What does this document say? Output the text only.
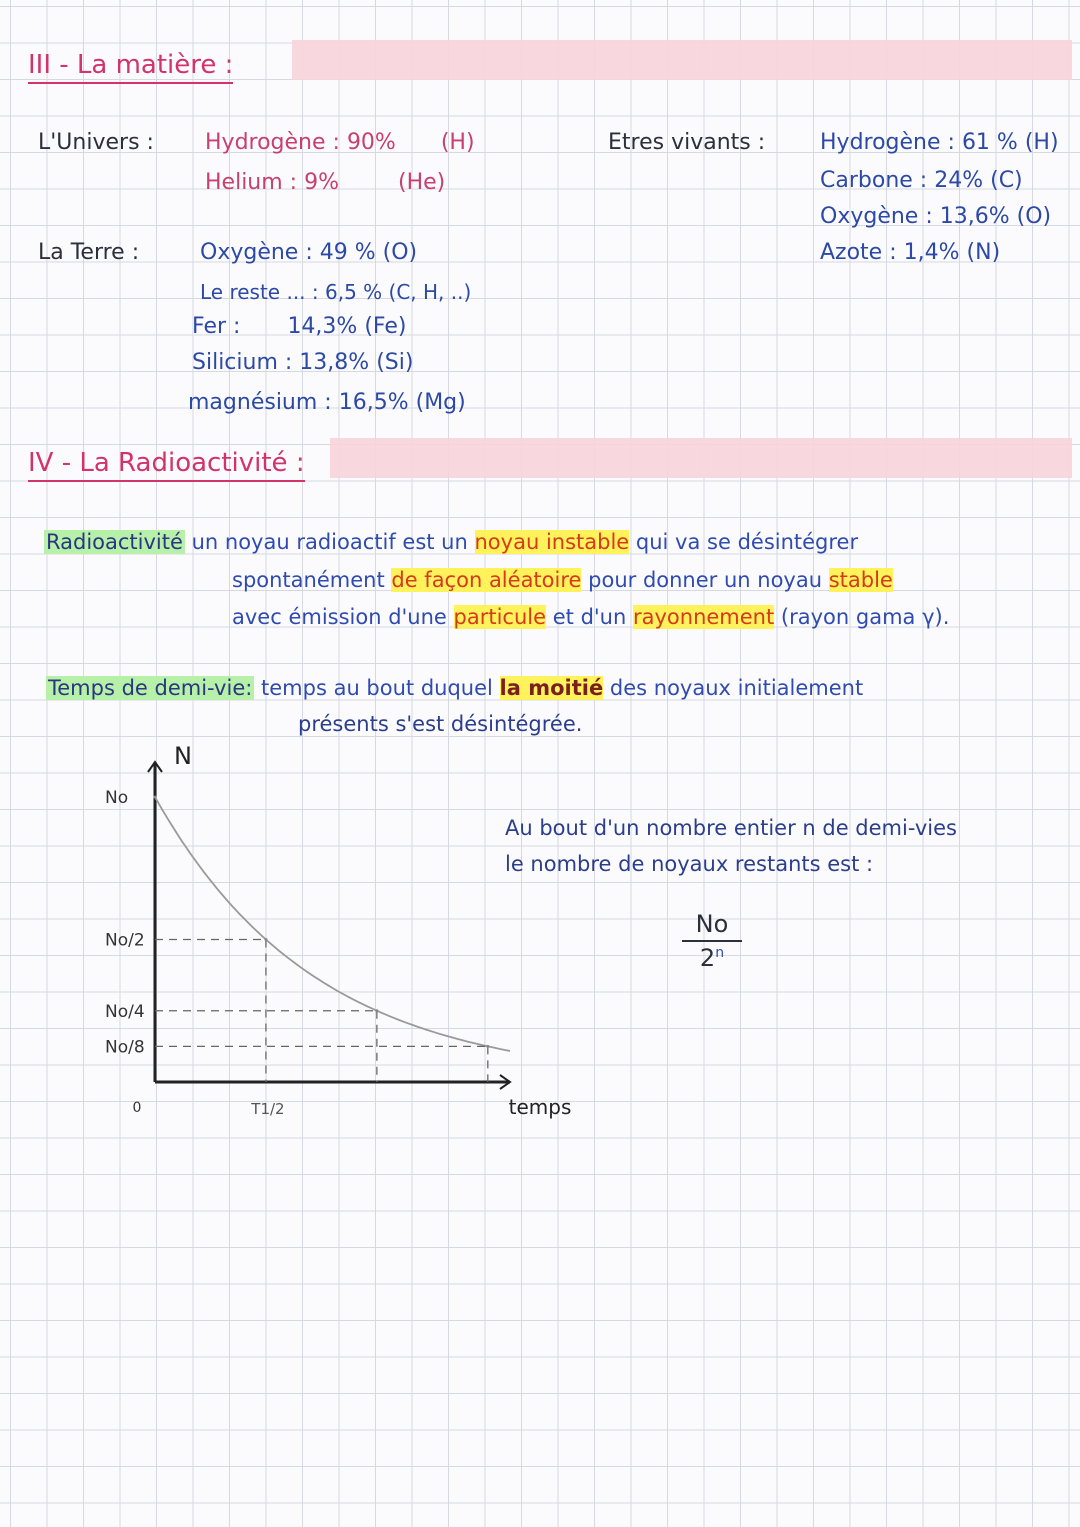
III - La matière :
L'Univers : Hydrogène : 90% (H)
Helium : 9%	(He)
Etres vivants : Hydrogène : 61 % (H)
Carbone : 24% (C)
Oxygène : 13,6% (O)
Azote : 1,4% (N)
La Terre :	Oxygène : 49 % (O)
Le reste ... : 6,5 % (C, H, ..)
Fer : 14,3% (Fe)
Silicium : 13,8% (Si)
magnésium : 16,5% (Mg)
IV - La Radioactivité :
Radioactivité un noyau radioactif est un noyau instable qui va se désintégrer
spontanément de façon aléatoire pour donner un noyau stable
avec émission d'une particule et d'un rayonnement (rayon gama γ).
Temps de demi-vie: temps au bout duquel la moitié des noyaux initialement
présents s'est désintégrée.
N
temps
0
No
No/2
No/4
No/8
T1/2
Au bout d'un nombre entier n de demi-vies
le nombre de noyaux restants est :
$\frac{No}{2^n}$
